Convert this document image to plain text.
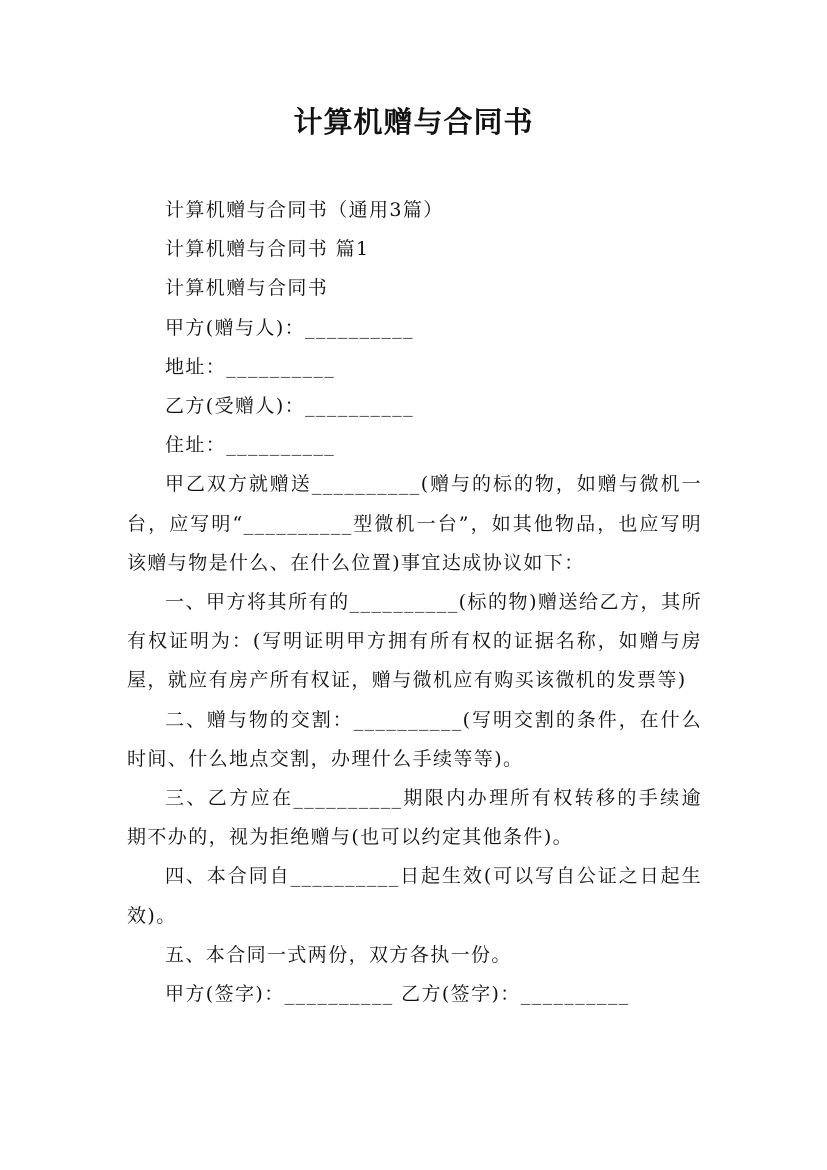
计算机赠与合同书

计算机赠与合同书（通用3篇）

计算机赠与合同书 篇1

计算机赠与合同书

甲方(赠与人)：__________

地址：__________

乙方(受赠人)：__________

住址：__________

甲乙双方就赠送__________(赠与的标的物，如赠与微机一台，应写明“__________型微机一台”，如其他物品，也应写明该赠与物是什么、在什么位置)事宜达成协议如下：

一、甲方将其所有的__________(标的物)赠送给乙方，其所有权证明为：(写明证明甲方拥有所有权的证据名称，如赠与房屋，就应有房产所有权证，赠与微机应有购买该微机的发票等)

二、赠与物的交割：__________(写明交割的条件，在什么时间、什么地点交割，办理什么手续等等)。

三、乙方应在__________期限内办理所有权转移的手续逾期不办的，视为拒绝赠与(也可以约定其他条件)。

四、本合同自__________日起生效(可以写自公证之日起生效)。

五、本合同一式两份，双方各执一份。

甲方(签字)：__________ 乙方(签字)：__________
